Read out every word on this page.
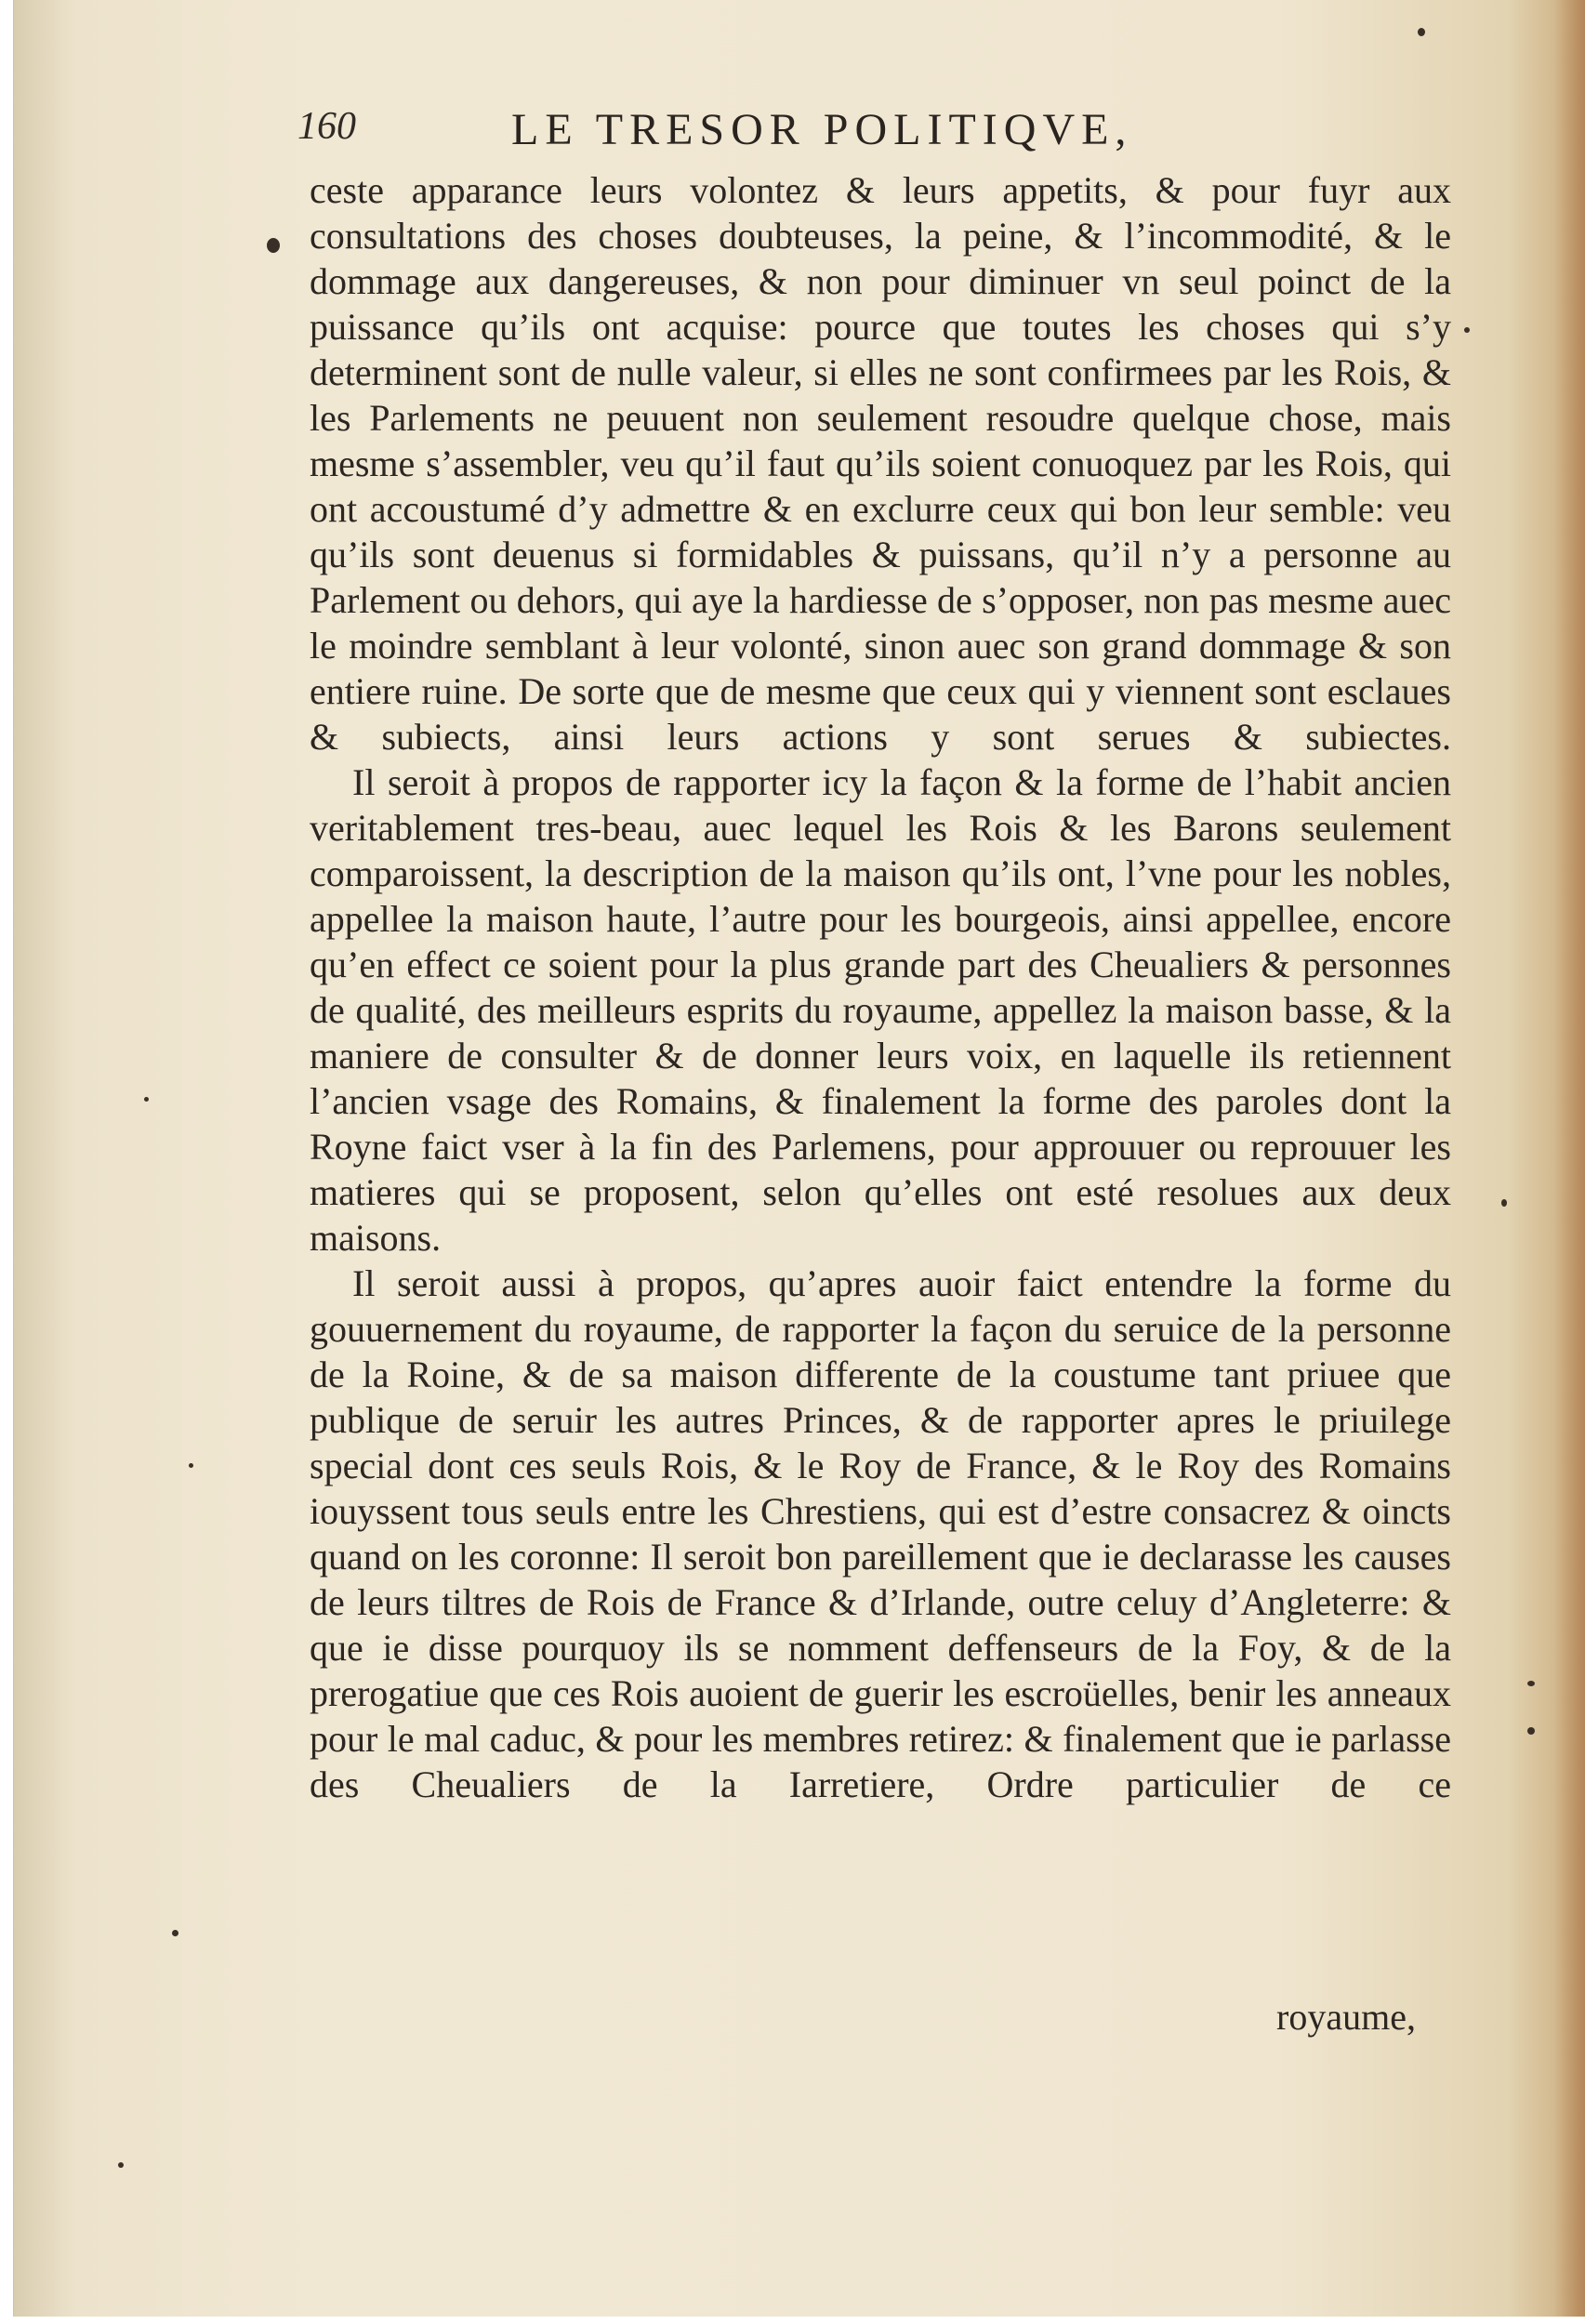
160	LE TRESOR POLITIQVE,

ceste apparance leurs volontez & leurs appetits, & pour fuyr aux consultations des choses doubteuses, la peine, & l’incommodité, & le dommage aux dangereuses, & non pour diminuer vn seul poinct de la puissance qu’ils ont acquise: pource que toutes les choses qui s’y determinent sont de nulle valeur, si elles ne sont confirmees par les Rois, & les Parlements ne peuuent non seulement resoudre quelque chose, mais mesme s’assembler, veu qu’il faut qu’ils soient conuoquez par les Rois, qui ont accoustumé d’y admettre & en exclurre ceux qui bon leur semble: veu qu’ils sont deuenus si formidables & puissans, qu’il n’y a personne au Parlement ou dehors, qui aye la hardiesse de s’opposer, non pas mesme auec le moindre semblant à leur volonté, sinon auec son grand dommage & son entiere ruine. De sorte que de mesme que ceux qui y viennent sont esclaues & subiects, ainsi leurs actions y sont serues & subiectes.

Il seroit à propos de rapporter icy la façon & la forme de l’habit ancien veritablement tres-beau, auec lequel les Rois & les Barons seulement comparoissent, la description de la maison qu’ils ont, l’vne pour les nobles, appellee la maison haute, l’autre pour les bourgeois, ainsi appellee, encore qu’en effect ce soient pour la plus grande part des Cheualiers & personnes de qualité, des meilleurs esprits du royaume, appellez la maison basse, & la maniere de consulter & de donner leurs voix, en laquelle ils retiennent l’ancien vsage des Romains, & finalement la forme des paroles dont la Royne faict vser à la fin des Parlemens, pour approuuer ou reprouuer les matieres qui se proposent, selon qu’elles ont esté resolues aux deux maisons.

Il seroit aussi à propos, qu’apres auoir faict entendre la forme du gouuernement du royaume, de rapporter la façon du seruice de la personne de la Roine, & de sa maison differente de la coustume tant priuee que publique de seruir les autres Princes, & de rapporter apres le priuilege special dont ces seuls Rois, & le Roy de France, & le Roy des Romains iouyssent tous seuls entre les Chrestiens, qui est d’estre consacrez & oincts quand on les coronne: Il seroit bon pareillement que ie declarasse les causes de leurs tiltres de Rois de France & d’Irlande, outre celuy d’Angleterre: & que ie disse pourquoy ils se nomment deffenseurs de la Foy, & de la prerogatiue que ces Rois auoient de guerir les escroüelles, benir les anneaux pour le mal caduc, & pour les membres retirez: & finalement que ie parlasse des Cheualiers de la Iarretiere, Ordre particulier de ce

royaume,
